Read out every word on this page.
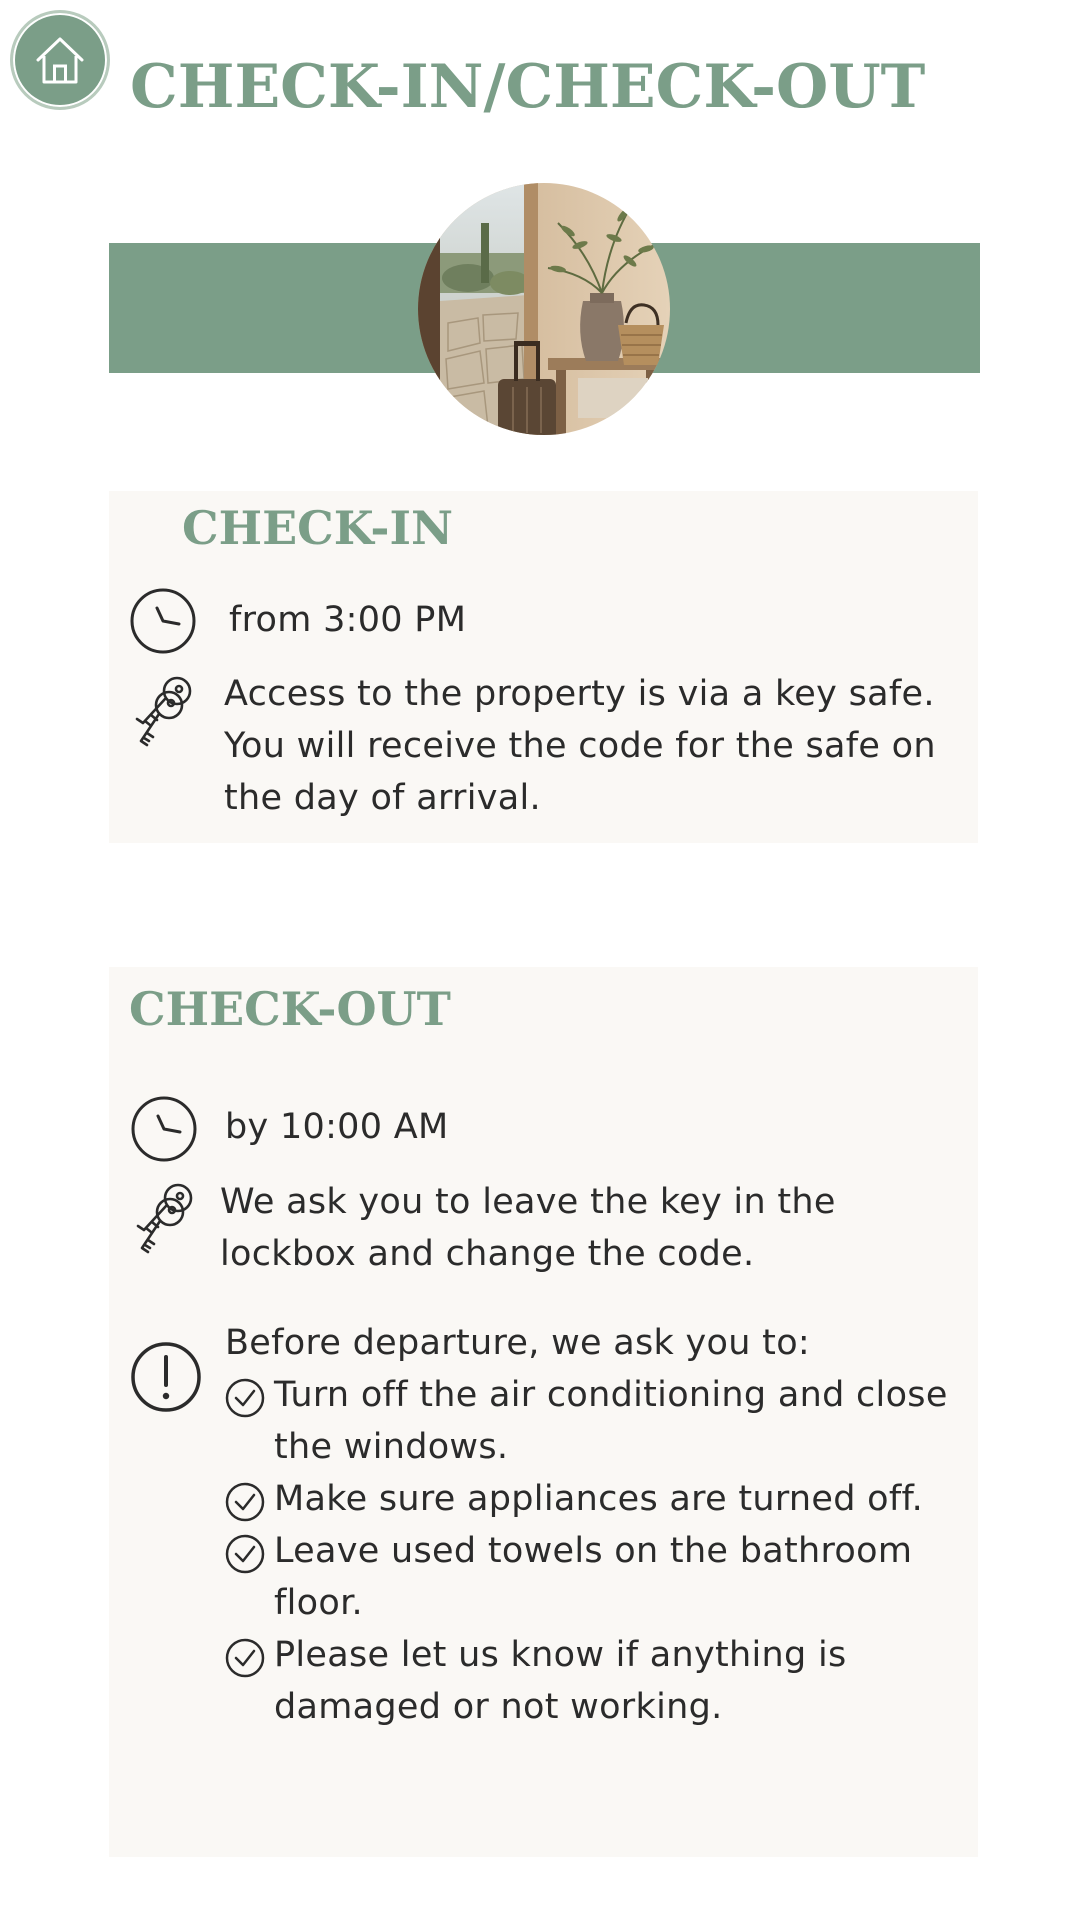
CHECK-IN/CHECK-OUT
CHECK-IN
from 3:00 PM
Access to the property is via a key safe. You will receive the code for the safe on the day of arrival.
CHECK-OUT
by 10:00 AM
We ask you to leave the key in the lockbox and change the code.
Before departure, we ask you to:
Turn off the air conditioning and close the windows.
Make sure appliances are turned off.
Leave used towels on the bathroom floor.
Please let us know if anything is damaged or not working.
